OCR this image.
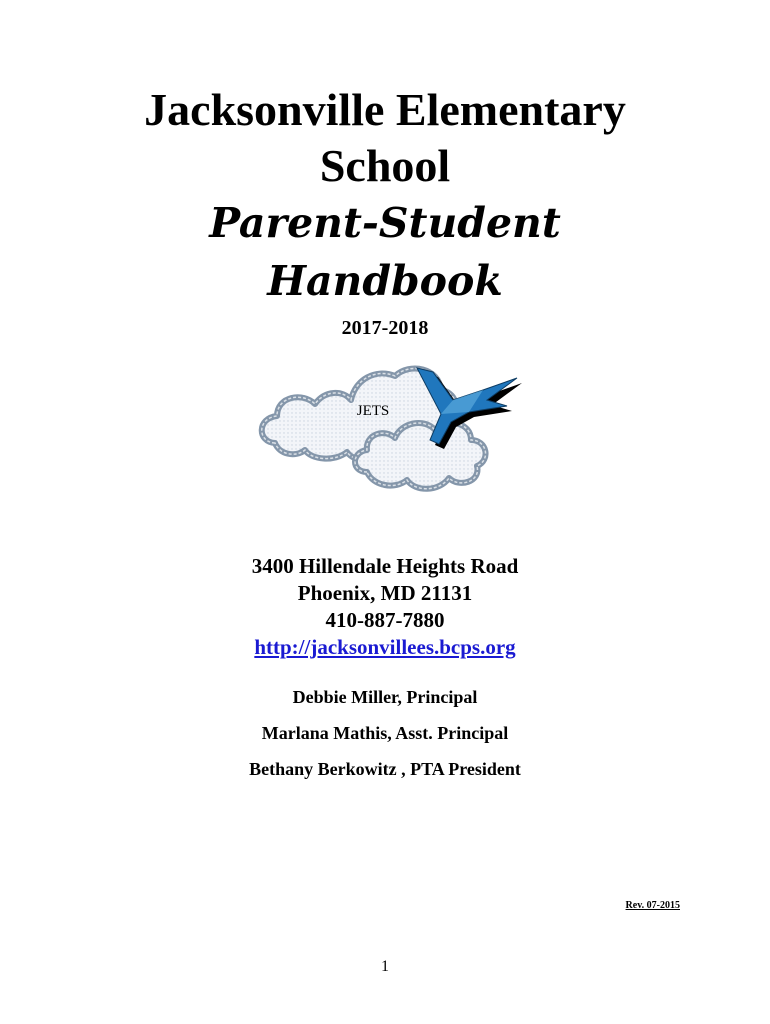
Jacksonville Elementary
School
Parent-Student
Handbook
2017-2018
JETS
3400 Hillendale Heights Road
Phoenix, MD 21131
410-887-7880
http://jacksonvillees.bcps.org
Debbie Miller, Principal
Marlana Mathis, Asst. Principal
Bethany Berkowitz , PTA President
Rev. 07-2015
1
